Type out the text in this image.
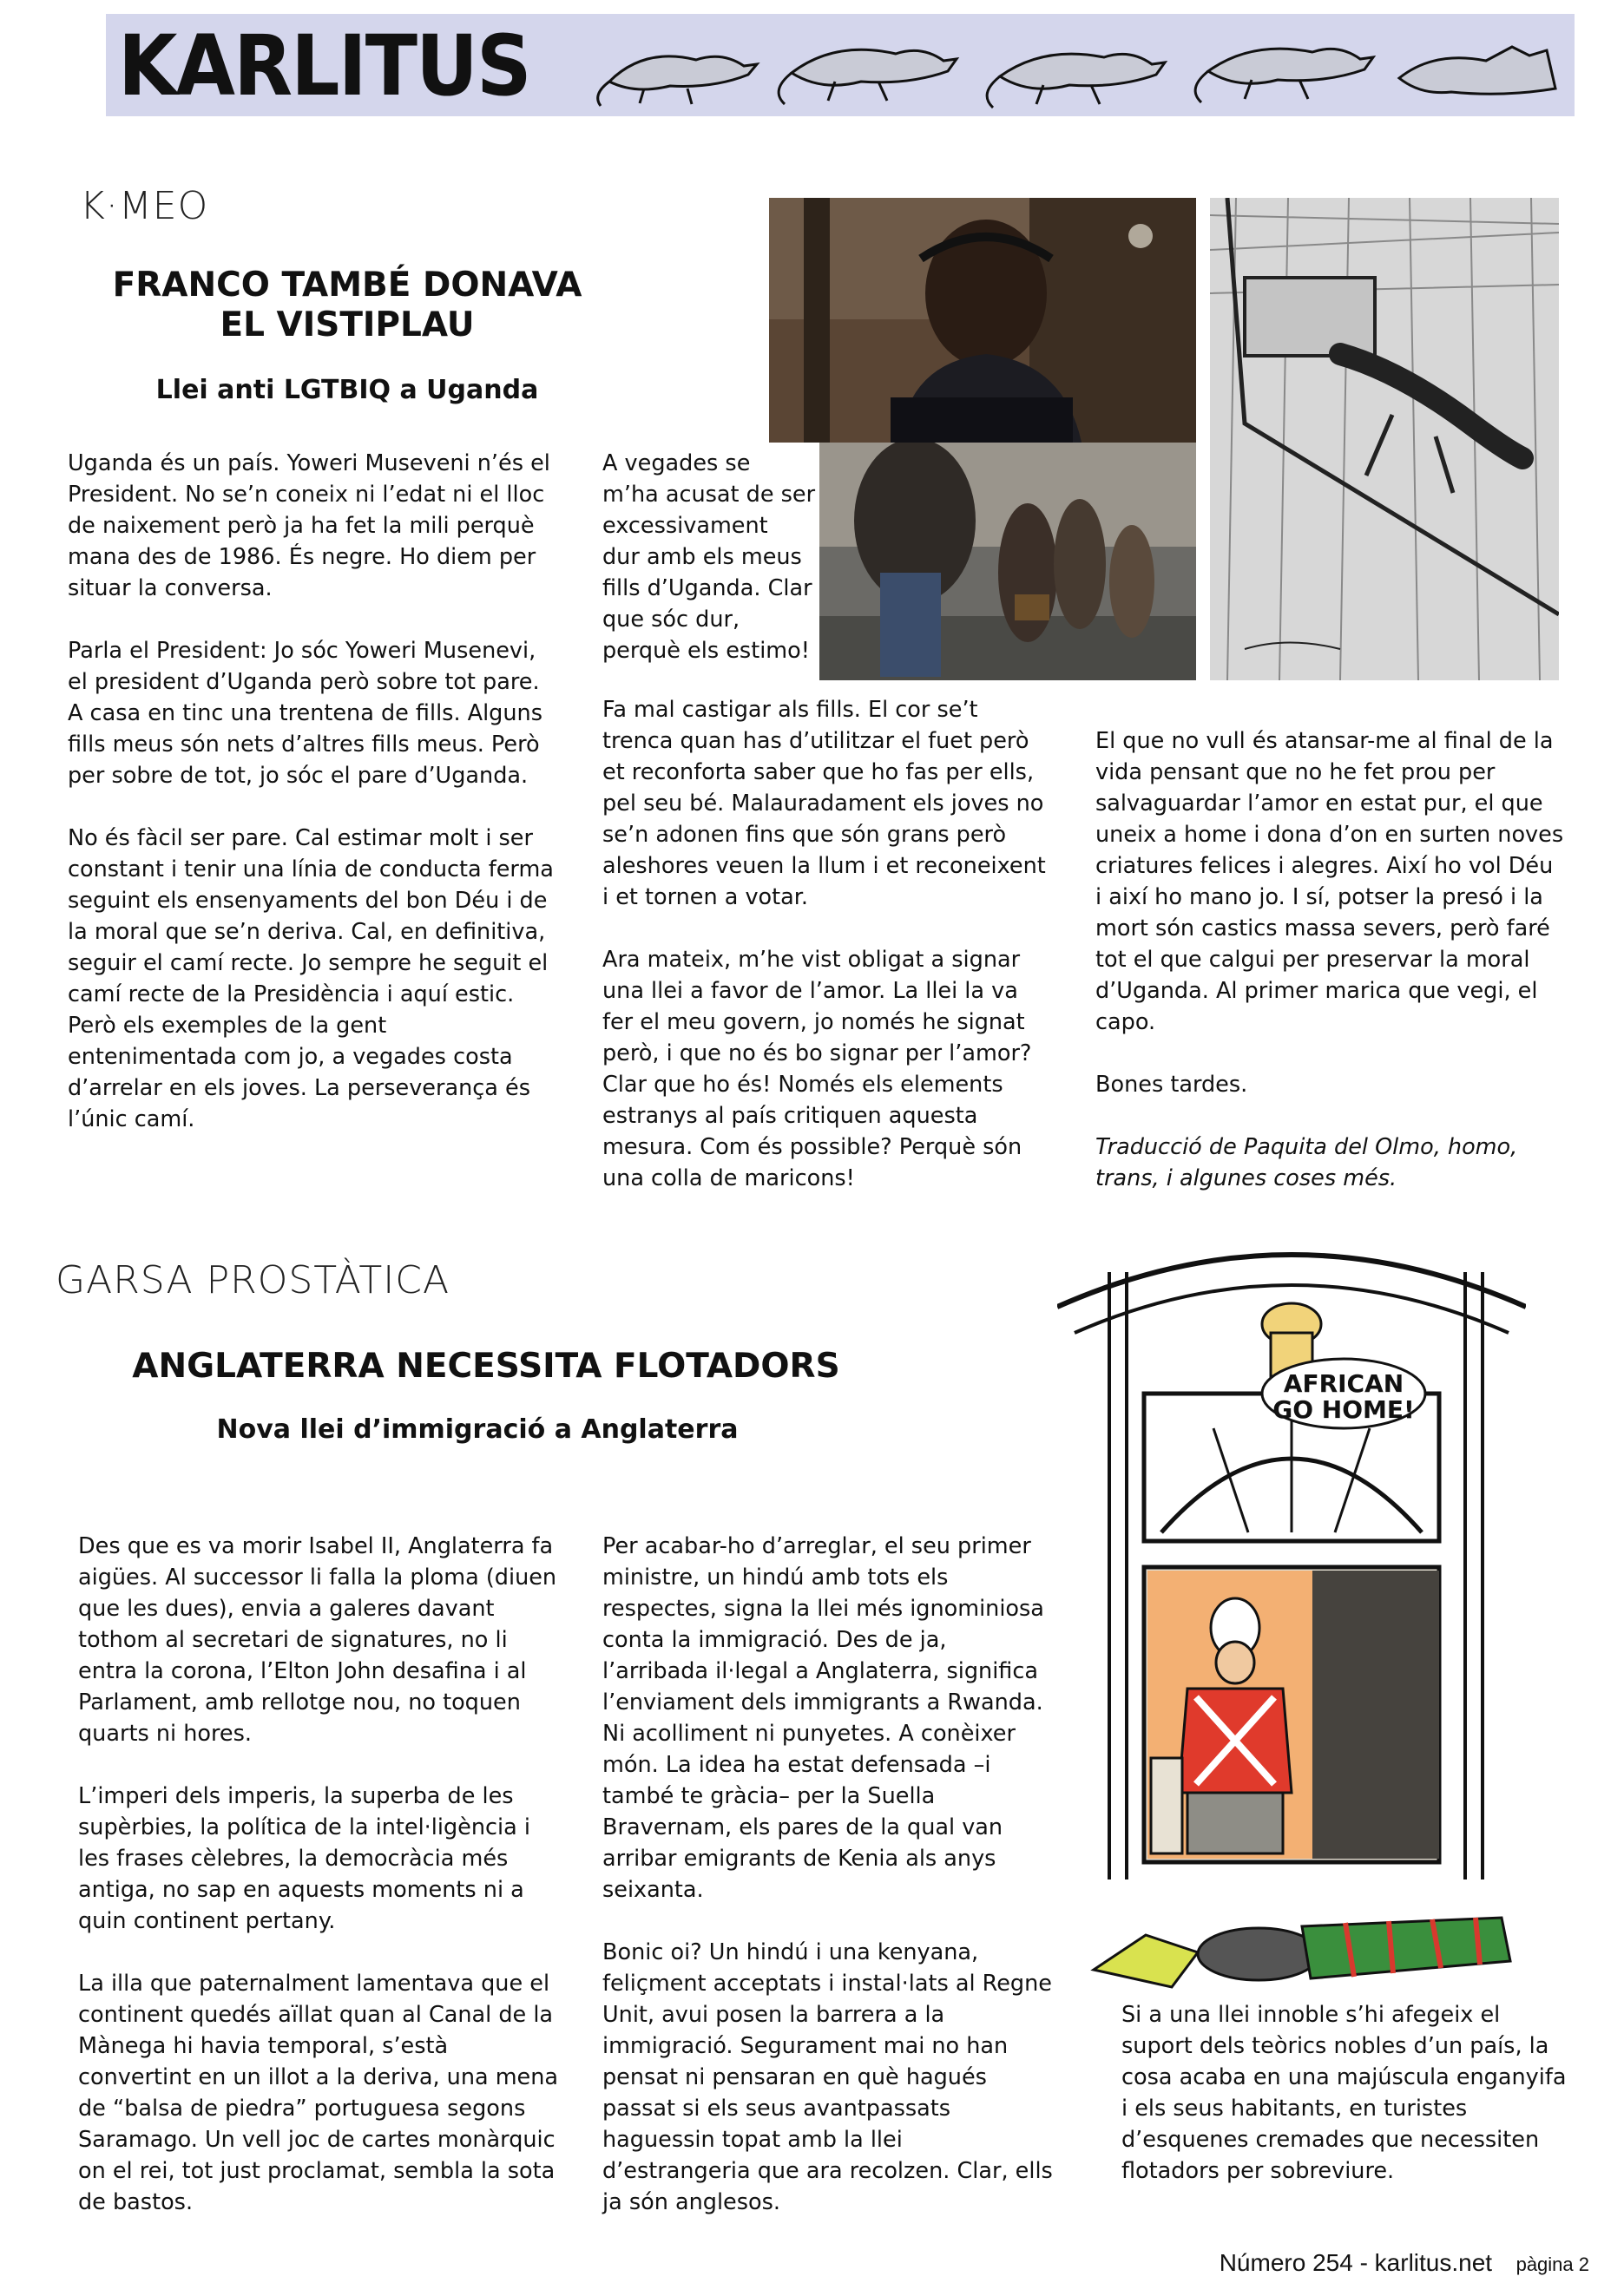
KARLITUS
K·MEO
FRANCO TAMBÉ DONAVA
EL VISTIPLAU
Llei anti LGTBIQ a Uganda

Uganda és un país. Yoweri Museveni n’és el President. No se’n coneix ni l’edat ni el lloc de naixement però ja ha fet la mili perquè mana des de 1986. És negre. Ho diem per situar la conversa.

Parla el President: Jo sóc Yoweri Musenevi, el president d’Uganda però sobre tot pare. A casa en tinc una trentena de fills. Alguns fills meus són nets d’altres fills meus. Però per sobre de tot, jo sóc el pare d’Uganda.

No és fàcil ser pare. Cal estimar molt i ser constant i tenir una línia de conducta ferma seguint els ensenyaments del bon Déu i de la moral que se’n deriva. Cal, en definitiva, seguir el camí recte. Jo sempre he seguit el camí recte de la Presidència i aquí estic. Però els exemples de la gent entenimentada com jo, a vegades costa d’arrelar en els joves. La perseverança és l’únic camí.

A vegades se
m’ha acusat de ser
excessivament
dur amb els meus
fills d’Uganda. Clar
que sóc dur,
perquè els estimo!

Fa mal castigar als fills. El cor se’t trenca quan has d’utilitzar el fuet però et reconforta saber que ho fas per ells, pel seu bé. Malauradament els joves no se’n adonen fins que són grans però aleshores veuen la llum i et reconeixent i et tornen a votar.

Ara mateix, m’he vist obligat a signar una llei a favor de l’amor. La llei la va fer el meu govern, jo només he signat però, i que no és bo signar per l’amor? Clar que ho és! Només els elements estranys al país critiquen aquesta mesura. Com és possible? Perquè són una colla de maricons!

El que no vull és atansar-me al final de la vida pensant que no he fet prou per salvaguardar l’amor en estat pur, el que uneix a home i dona d’on en surten noves criatures felices i alegres. Així ho vol Déu i així ho mano jo. I sí, potser la presó i la mort són castics massa severs, però faré tot el que calgui per preservar la moral d’Uganda. Al primer marica que vegi, el capo.

Bones tardes.

Traducció de Paquita del Olmo, homo, trans, i algunes coses més.

GARSA PROSTÀTICA
ANGLATERRA NECESSITA FLOTADORS
Nova llei d’immigració a Anglaterra

Des que es va morir Isabel II, Anglaterra fa aigües. Al successor li falla la ploma (diuen que les dues), envia a galeres davant tothom al secretari de signatures, no li entra la corona, l’Elton John desafina i al Parlament, amb rellotge nou, no toquen quarts ni hores.

L’imperi dels imperis, la superba de les supèrbies, la política de la intel·ligència i les frases cèlebres, la democràcia més antiga, no sap en aquests moments ni a quin continent pertany.

La illa que paternalment lamentava que el continent quedés aïllat quan al Canal de la Mànega hi havia temporal, s’està convertint en un illot a la deriva, una mena de “balsa de piedra” portuguesa segons Saramago. Un vell joc de cartes monàrquic on el rei, tot just proclamat, sembla la sota de bastos.

Per acabar-ho d’arreglar, el seu primer ministre, un hindú amb tots els respectes, signa la llei més ignominiosa conta la immigració. Des de ja, l’arribada il·legal a Anglaterra, significa l’enviament dels immigrants a Rwanda. Ni acolliment ni punyetes. A conèixer món. La idea ha estat defensada –i també te gràcia– per la Suella Bravernam, els pares de la qual van arribar emigrants de Kenia als anys seixanta.

Bonic oi? Un hindú i una kenyana, feliçment acceptats i instal·lats al Regne Unit, avui posen la barrera a la immigració. Segurament mai no han pensat ni pensaran en què hagués passat si els seus avantpassats haguessin topat amb la llei d’estrangeria que ara recolzen. Clar, ells ja són anglesos.

AFRICAN
GO HOME!

Si a una llei innoble s’hi afegeix el suport dels teòrics nobles d’un país, la cosa acaba en una majúscula enganyifa i els seus habitants, en turistes d’esquenes cremades que necessiten flotadors per sobreviure.

Número 254 - karlitus.net pàgina 2
